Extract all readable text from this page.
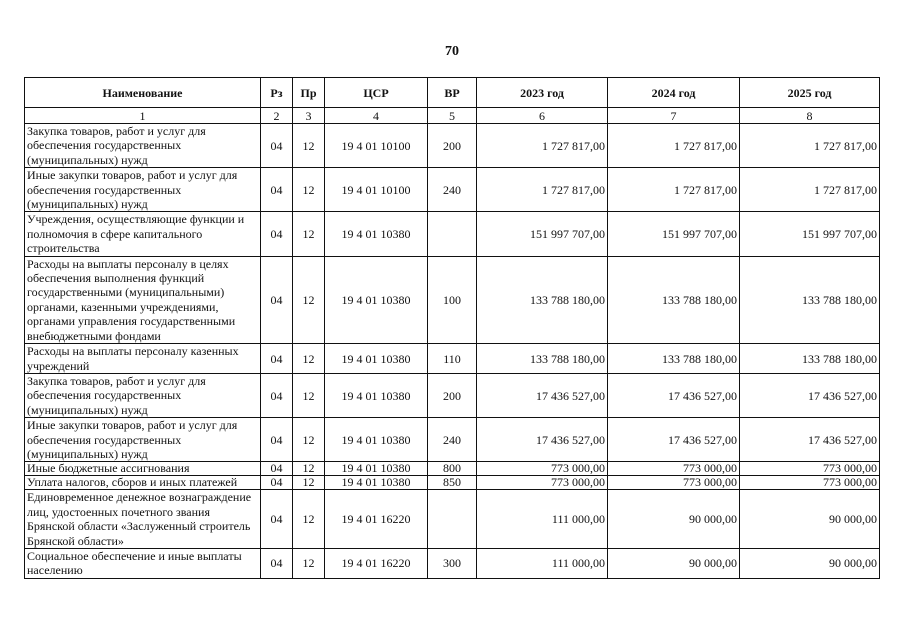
70
Наименование	Рз	Пр	ЦСР	ВР	2023 год	2024 год	2025 год
1	2	3	4	5	6	7	8
Закупка товаров, работ и услуг для обеспечения государственных (муниципальных) нужд	04	12	19 4 01 10100	200	1 727 817,00	1 727 817,00	1 727 817,00
Иные закупки товаров, работ и услуг для обеспечения государственных (муниципальных) нужд	04	12	19 4 01 10100	240	1 727 817,00	1 727 817,00	1 727 817,00
Учреждения, осуществляющие функции и полномочия в сфере капитального строительства	04	12	19 4 01 10380		151 997 707,00	151 997 707,00	151 997 707,00
Расходы на выплаты персоналу в целях обеспечения выполнения функций государственными (муниципальными) органами, казенными учреждениями, органами управления государственными внебюджетными фондами	04	12	19 4 01 10380	100	133 788 180,00	133 788 180,00	133 788 180,00
Расходы на выплаты персоналу казенных учреждений	04	12	19 4 01 10380	110	133 788 180,00	133 788 180,00	133 788 180,00
Закупка товаров, работ и услуг для обеспечения государственных (муниципальных) нужд	04	12	19 4 01 10380	200	17 436 527,00	17 436 527,00	17 436 527,00
Иные закупки товаров, работ и услуг для обеспечения государственных (муниципальных) нужд	04	12	19 4 01 10380	240	17 436 527,00	17 436 527,00	17 436 527,00
Иные бюджетные ассигнования	04	12	19 4 01 10380	800	773 000,00	773 000,00	773 000,00
Уплата налогов, сборов и иных платежей	04	12	19 4 01 10380	850	773 000,00	773 000,00	773 000,00
Единовременное денежное вознаграждение лиц, удостоенных почетного звания Брянской области «Заслуженный строитель Брянской области»	04	12	19 4 01 16220		111 000,00	90 000,00	90 000,00
Социальное обеспечение и иные выплаты населению	04	12	19 4 01 16220	300	111 000,00	90 000,00	90 000,00
